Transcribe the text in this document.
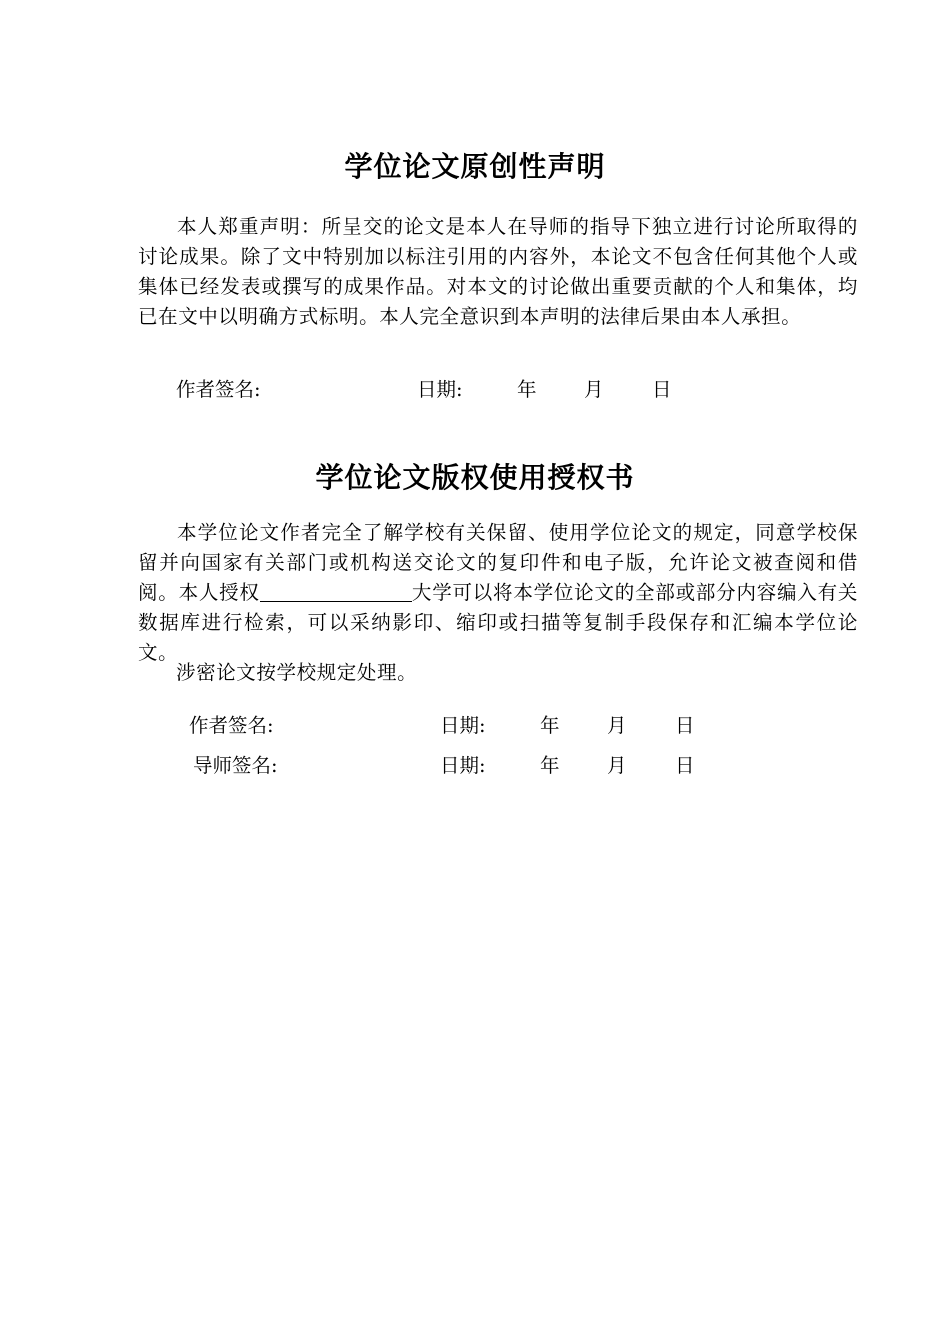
学位论文原创性声明
本人郑重声明：所呈交的论文是本人在导师的指导下独立进行讨论所取得的讨论成果。除了文中特别加以标注引用的内容外，本论文不包含任何其他个人或集体已经发表或撰写的成果作品。对本文的讨论做出重要贡献的个人和集体，均已在文中以明确方式标明。本人完全意识到本声明的法律后果由本人承担。
作者签名:	日期:	年 月 日
学位论文版权使用授权书
本学位论文作者完全了解学校有关保留、使用学位论文的规定，同意学校保留并向国家有关部门或机构送交论文的复印件和电子版，允许论文被查阅和借阅。本人授权	大学可以将本学位论文的全部或部分内容编入有关数据库进行检索，可以采纳影印、缩印或扫描等复制手段保存和汇编本学位论文。
涉密论文按学校规定处理。
作者签名:	日期:	年 月 日
导师签名:	日期:	年 月 日
